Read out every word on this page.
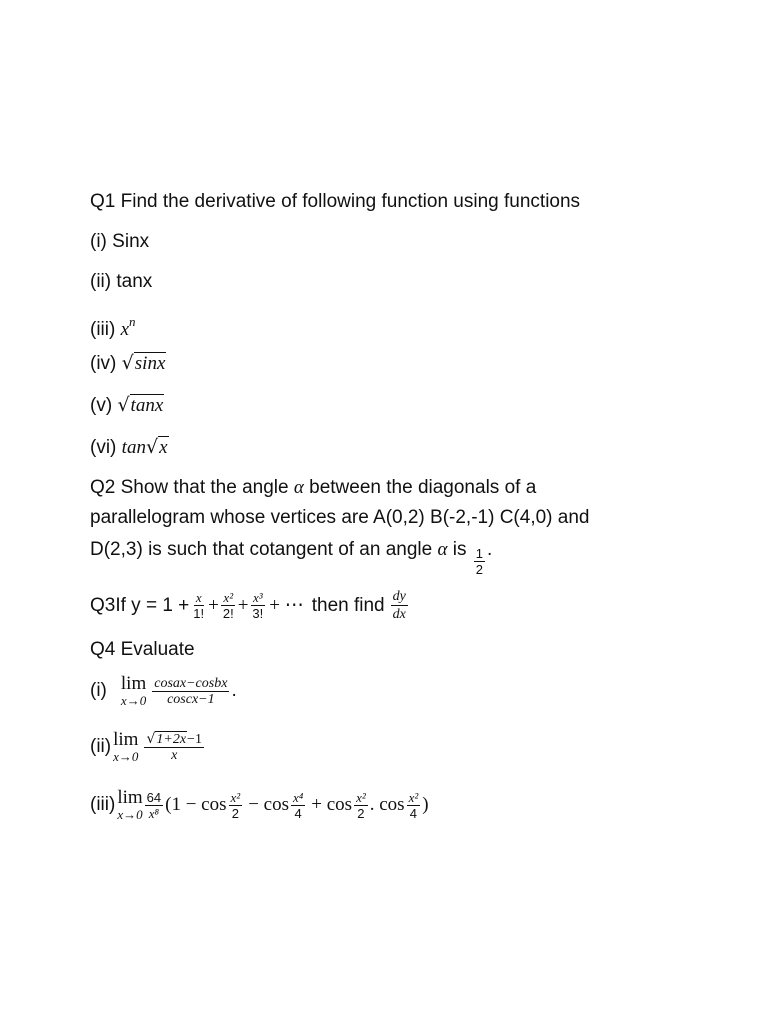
Q1 Find the derivative of following function using functions
(i) Sinx
(ii) tanx
(iii) $x^n$
(iv) √ sinx
(v) √ tanx
(vi) tan √ x
Q2 Show that the angle α between the diagonals of a
parallelogram whose vertices are A(0,2) B(-2,-1) C(4,0) and
D(2,3) is such that cotangent of an angle α is $\frac{1}{2}$ .
Q3If $y = 1 + \frac{x}{1!} + \frac{\text{x²}}{2!} + \frac{\text{x³}}{3!}$ + ⋯ then find $\frac{dy}{dx}$
Q4 Evaluate
(i) lim
$x\to 0 \frac{\text{cosax−cosbx}}{\text{coscx−1}}$ .
(ii) lim
$x\to 0 \frac{√ 1+2x -1}{x}$
(iii) lim
$x\to 0 \frac{64}{\text{x⁸}} (1 - \cos \frac{\text{x²}}{2} - \cos \frac{\text{x⁴}}{4} + \cos \frac{\text{x²}}{2}$ . $\cos \frac{\text{x²}}{4}$ )
